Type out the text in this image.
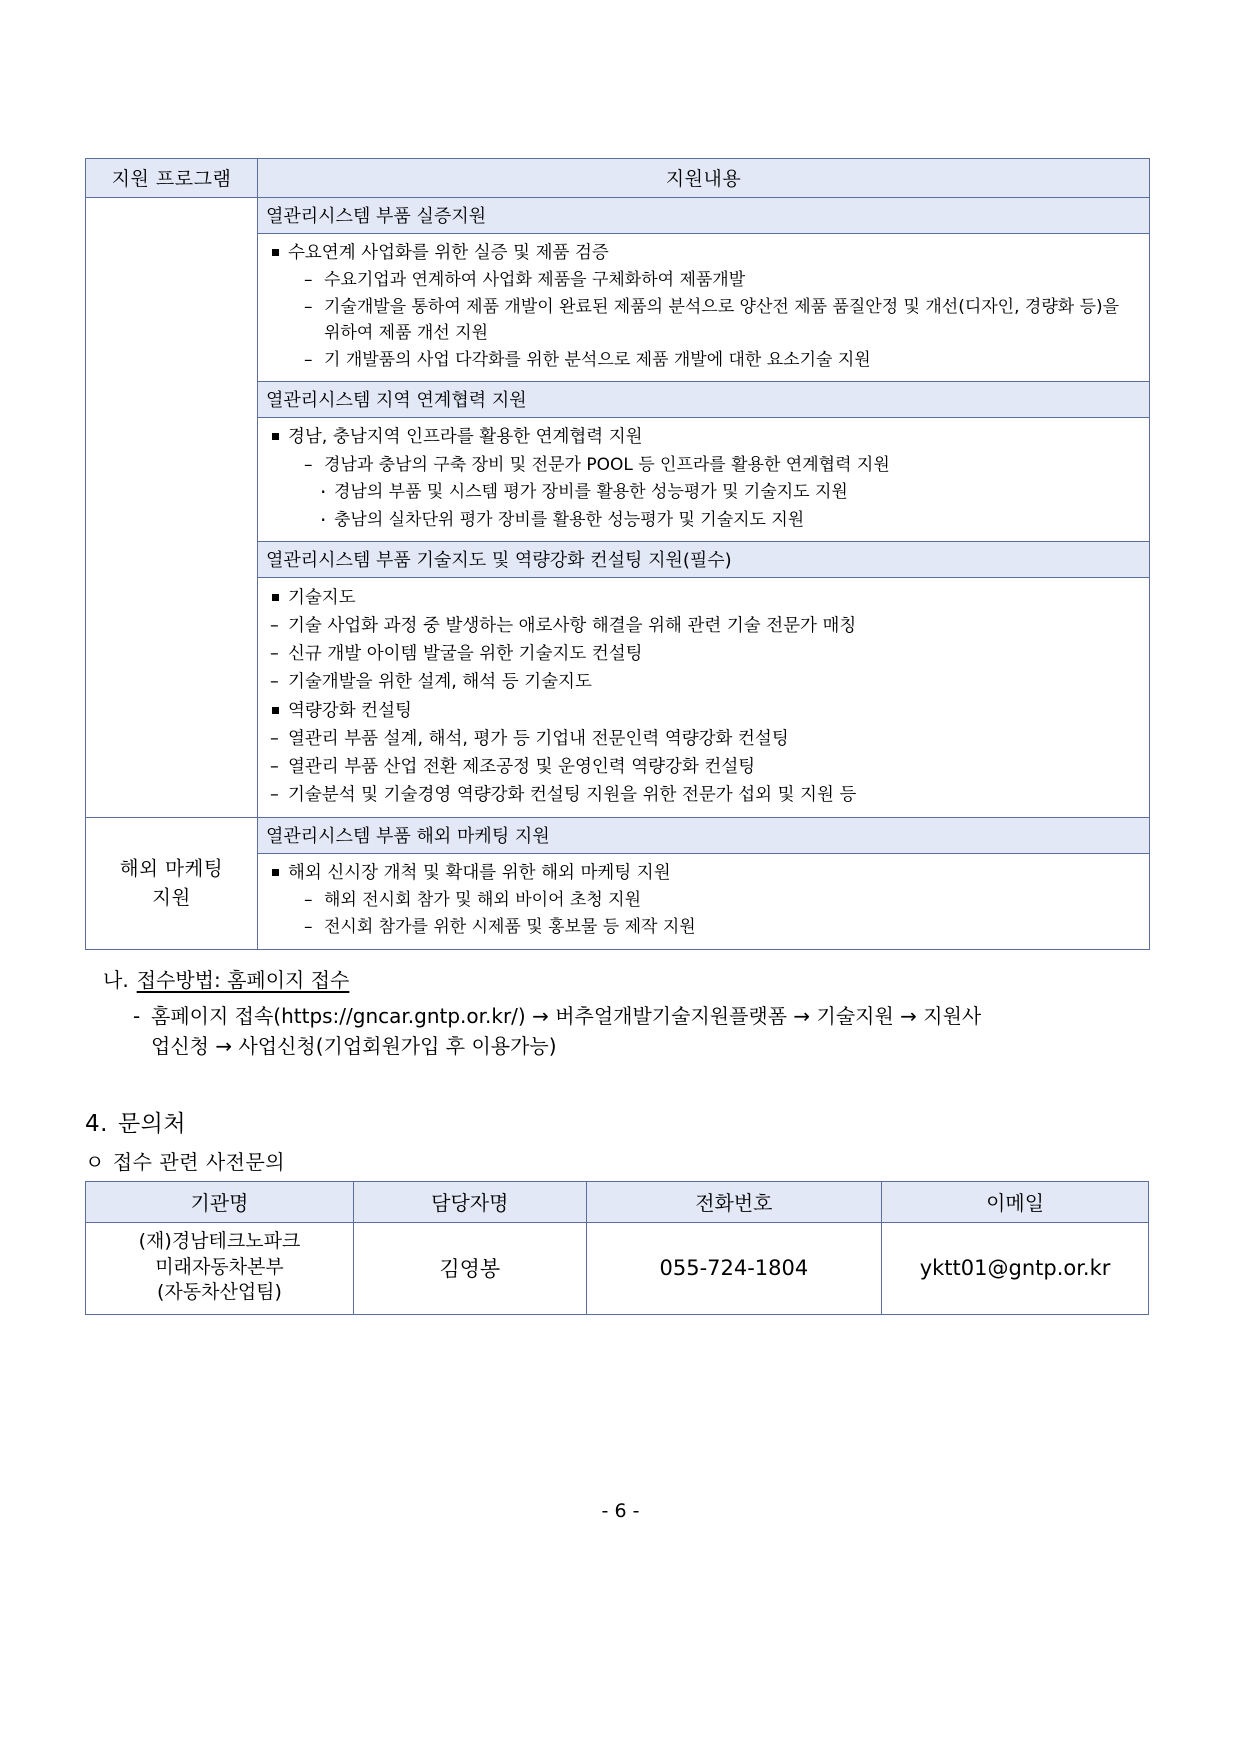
지원 프로그램	지원내용
	열관리시스템 부품 실증지원

수요연계 사업화를 위한 실증 및 제품 검증
– 수요기업과 연계하여 사업화 제품을 구체화하여 제품개발
– 기술개발을 통하여 제품 개발이 완료된 제품의 분석으로 양산전 제품 품질안정 및 개선(디자인, 경량화 등)을 위하여 제품 개선 지원
– 기 개발품의 사업 다각화를 위한 분석으로 제품 개발에 대한 요소기술 지원

	열관리시스템 지역 연계협력 지원

경남, 충남지역 인프라를 활용한 연계협력 지원
– 경남과 충남의 구축 장비 및 전문가 POOL 등 인프라를 활용한 연계협력 지원
· 경남의 부품 및 시스템 평가 장비를 활용한 성능평가 및 기술지도 지원
· 충남의 실차단위 평가 장비를 활용한 성능평가 및 기술지도 지원

	열관리시스템 부품 기술지도 및 역량강화 컨설팅 지원(필수)

기술지도
– 기술 사업화 과정 중 발생하는 애로사항 해결을 위해 관련 기술 전문가 매칭
– 신규 개발 아이템 발굴을 위한 기술지도 컨설팅
– 기술개발을 위한 설계, 해석 등 기술지도
역량강화 컨설팅
– 열관리 부품 설계, 해석, 평가 등 기업내 전문인력 역량강화 컨설팅
– 열관리 부품 산업 전환 제조공정 및 운영인력 역량강화 컨설팅
– 기술분석 및 기술경영 역량강화 컨설팅 지원을 위한 전문가 섭외 및 지원 등

해외 마케팅
지원	열관리시스템 부품 해외 마케팅 지원

해외 신시장 개척 및 확대를 위한 해외 마케팅 지원
– 해외 전시회 참가 및 해외 바이어 초청 지원
– 전시회 참가를 위한 시제품 및 홍보물 등 제작 지원
나. 접수방법: 홈페이지 접수
- 홈페이지 접속(https://gncar.gntp.or.kr/) → 버추얼개발기술지원플랫폼 → 기술지원 → 지원사
업신청 → 사업신청(기업회원가입 후 이용가능)
4. 문의처
ㅇ 접수 관련 사전문의
기관명	담당자명	전화번호	이메일
(재)경남테크노파크
미래자동차본부
(자동차산업팀)	김영봉	055-724-1804	yktt01@gntp.or.kr
- 6 -
